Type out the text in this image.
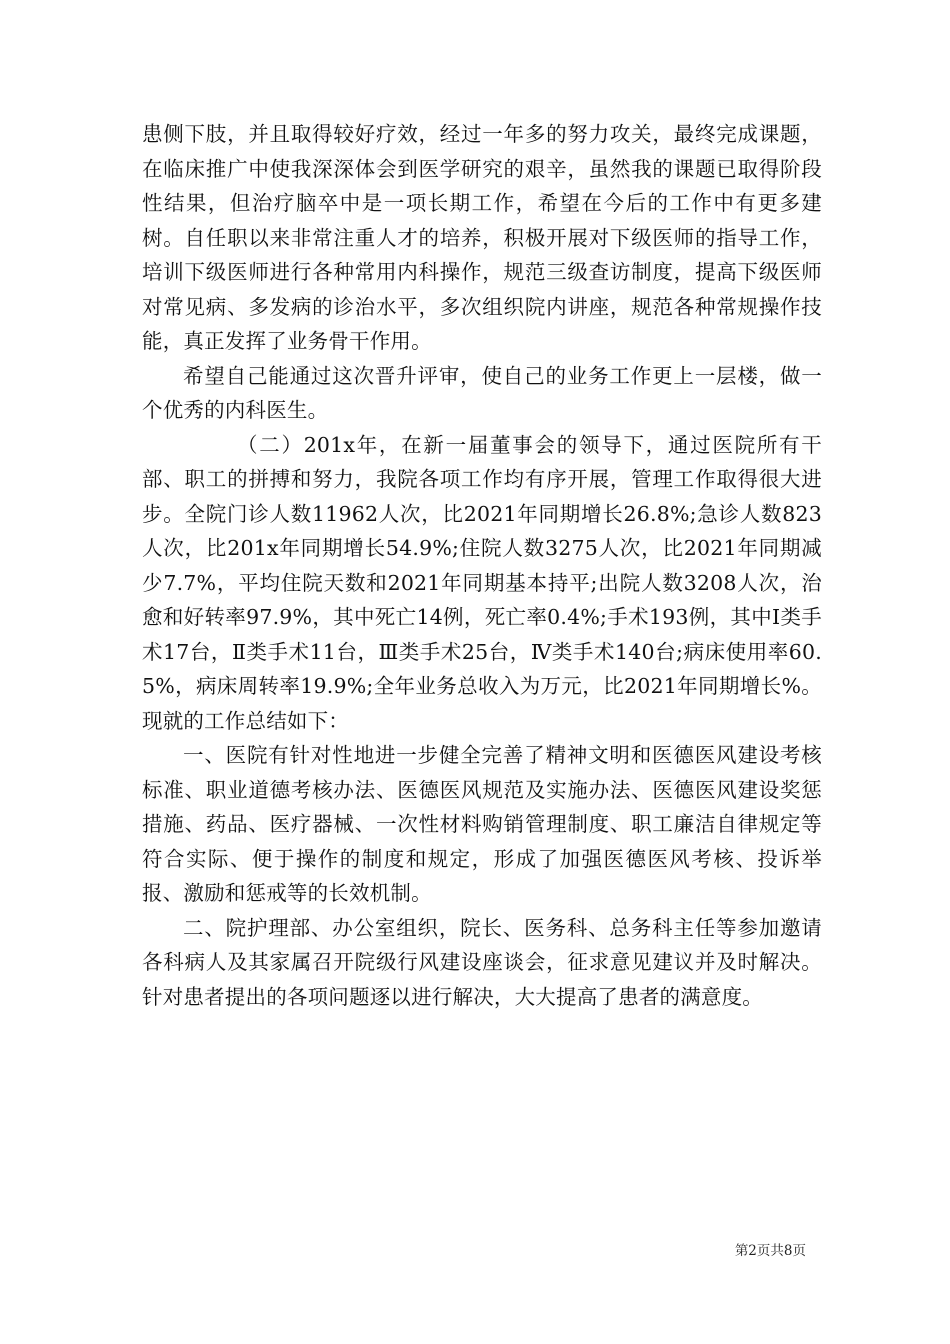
患侧下肢，并且取得较好疗效，经过一年多的努力攻关，最终完成课题，在临床推广中使我深深体会到医学研究的艰辛，虽然我的课题已取得阶段性结果，但治疗脑卒中是一项长期工作，希望在今后的工作中有更多建树。自任职以来非常注重人才的培养，积极开展对下级医师的指导工作，培训下级医师进行各种常用内科操作，规范三级查访制度，提高下级医师对常见病、多发病的诊治水平，多次组织院内讲座，规范各种常规操作技能，真正发挥了业务骨干作用。

希望自己能通过这次晋升评审，使自己的业务工作更上一层楼，做一个优秀的内科医生。

（二）201x年，在新一届董事会的领导下，通过医院所有干部、职工的拼搏和努力，我院各项工作均有序开展，管理工作取得很大进步。全院门诊人数11962人次，比2021年同期增长26.8%;急诊人数823人次，比201x年同期增长54.9%;住院人数3275人次，比2021年同期减少7.7%，平均住院天数和2021年同期基本持平;出院人数3208人次，治愈和好转率97.9%，其中死亡14例，死亡率0.4%;手术193例，其中Ⅰ类手术17台，Ⅱ类手术11台，Ⅲ类手术25台，Ⅳ类手术140台;病床使用率60.5%，病床周转率19.9%;全年业务总收入为万元，比2021年同期增长%。现就的工作总结如下：

一、医院有针对性地进一步健全完善了精神文明和医德医风建设考核标准、职业道德考核办法、医德医风规范及实施办法、医德医风建设奖惩措施、药品、医疗器械、一次性材料购销管理制度、职工廉洁自律规定等符合实际、便于操作的制度和规定，形成了加强医德医风考核、投诉举报、激励和惩戒等的长效机制。

二、院护理部、办公室组织，院长、医务科、总务科主任等参加邀请各科病人及其家属召开院级行风建设座谈会，征求意见建议并及时解决。针对患者提出的各项问题逐以进行解决，大大提高了患者的满意度。

第2页共8页
